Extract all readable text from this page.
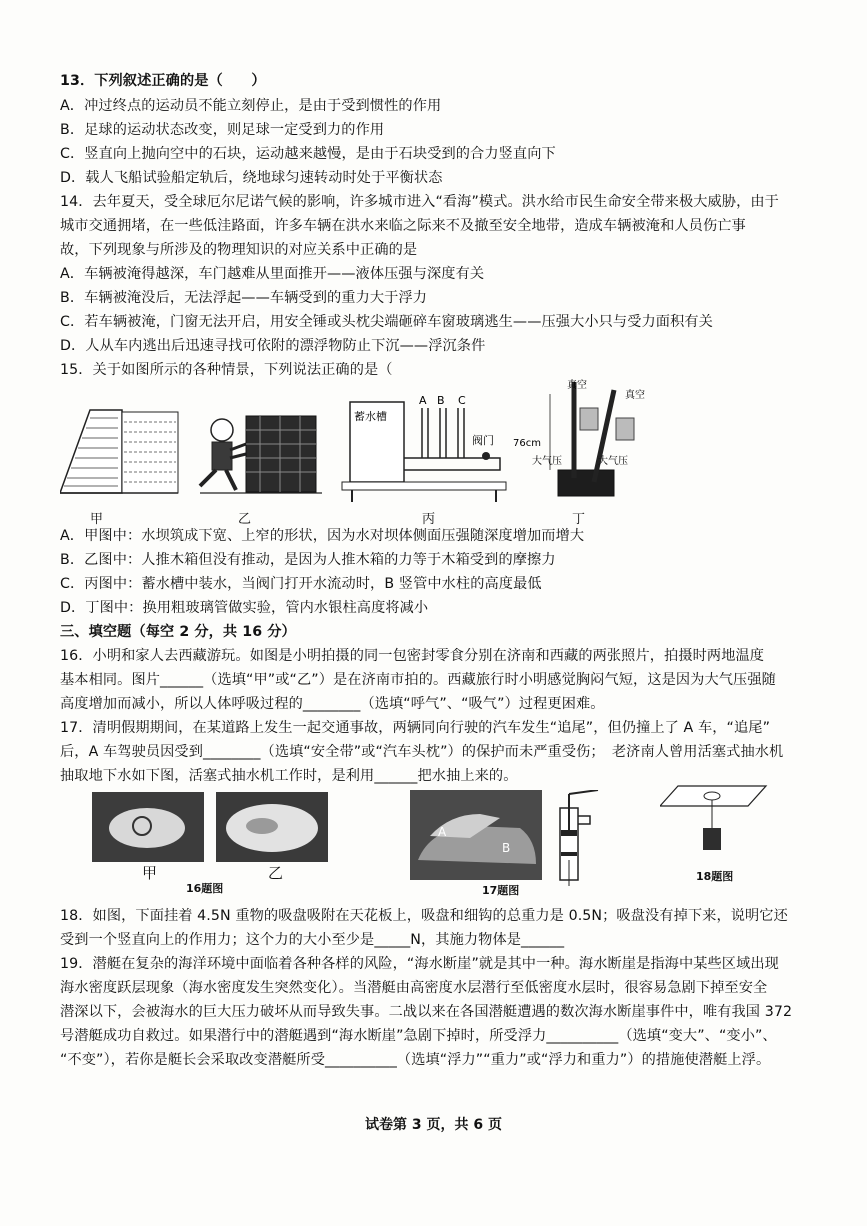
13．下列叙述正确的是（　　）
A．冲过终点的运动员不能立刻停止，是由于受到惯性的作用
B．足球的运动状态改变，则足球一定受到力的作用
C．竖直向上抛向空中的石块，运动越来越慢，是由于石块受到的合力竖直向下
D．载人飞船试验船定轨后，绕地球匀速转动时处于平衡状态
14．去年夏天，受全球厄尔尼诺气候的影响，许多城市进入“看海”模式。洪水给市民生命安全带来极大威胁，由于
城市交通拥堵，在一些低洼路面，许多车辆在洪水来临之际来不及撤至安全地带，造成车辆被淹和人员伤亡事
故，下列现象与所涉及的物理知识的对应关系中正确的是
A．车辆被淹得越深，车门越难从里面推开——液体压强与深度有关
B．车辆被淹没后，无法浮起——车辆受到的重力大于浮力
C．若车辆被淹，门窗无法开启，用安全锤或头枕尖端砸碎车窗玻璃逃生——压强大小只与受力面积有关
D．人从车内逃出后迅速寻找可依附的漂浮物防止下沉——浮沉条件
15．关于如图所示的各种情景，下列说法正确的是（
蓄水槽
A B C
阀门
真空
真空
76cm
大气压	大气压
甲	乙	丙	丁
A．甲图中：水坝筑成下宽、上窄的形状，因为水对坝体侧面压强随深度增加而增大
B．乙图中：人推木箱但没有推动，是因为人推木箱的力等于木箱受到的摩擦力
C．丙图中：蓄水槽中装水，当阀门打开水流动时，B 竖管中水柱的高度最低
D．丁图中：换用粗玻璃管做实验，管内水银柱高度将减小
三、填空题（每空 2 分，共 16 分）
16．小明和家人去西藏游玩。如图是小明拍摄的同一包密封零食分别在济南和西藏的两张照片，拍摄时两地温度
基本相同。图片______（选填“甲”或“乙”）是在济南市拍的。西藏旅行时小明感觉胸闷气短，这是因为大气压强随
高度增加而减小，所以人体呼吸过程的________（选填“呼气”、“吸气”）过程更困难。
17．清明假期期间，在某道路上发生一起交通事故，两辆同向行驶的汽车发生“追尾”，但仍撞上了 A 车，“追尾”
后，A 车驾驶员因受到________（选填“安全带”或“汽车头枕”）的保护而未严重受伤；　老济南人曾用活塞式抽水机
抽取地下水如下图，活塞式抽水机工作时，是利用______把水抽上来的。
甲	乙
16题图
A
B
17题图
18题图
18．如图，下面挂着 4.5N 重物的吸盘吸附在天花板上，吸盘和细钩的总重力是 0.5N；吸盘没有掉下来，说明它还
受到一个竖直向上的作用力；这个力的大小至少是_____N，其施力物体是______
19．潜艇在复杂的海洋环境中面临着各种各样的风险，“海水断崖”就是其中一种。海水断崖是指海中某些区域出现
海水密度跃层现象（海水密度发生突然变化）。当潜艇由高密度水层潜行至低密度水层时，很容易急剧下掉至安全
潜深以下，会被海水的巨大压力破坏从而导致失事。二战以来在各国潜艇遭遇的数次海水断崖事件中，唯有我国 372
号潜艇成功自救过。如果潜行中的潜艇遇到“海水断崖”急剧下掉时，所受浮力__________（选填“变大”、“变小”、
“不变”），若你是艇长会采取改变潜艇所受__________（选填“浮力”“重力”或“浮力和重力”）的措施使潜艇上浮。
试卷第 3 页，共 6 页
